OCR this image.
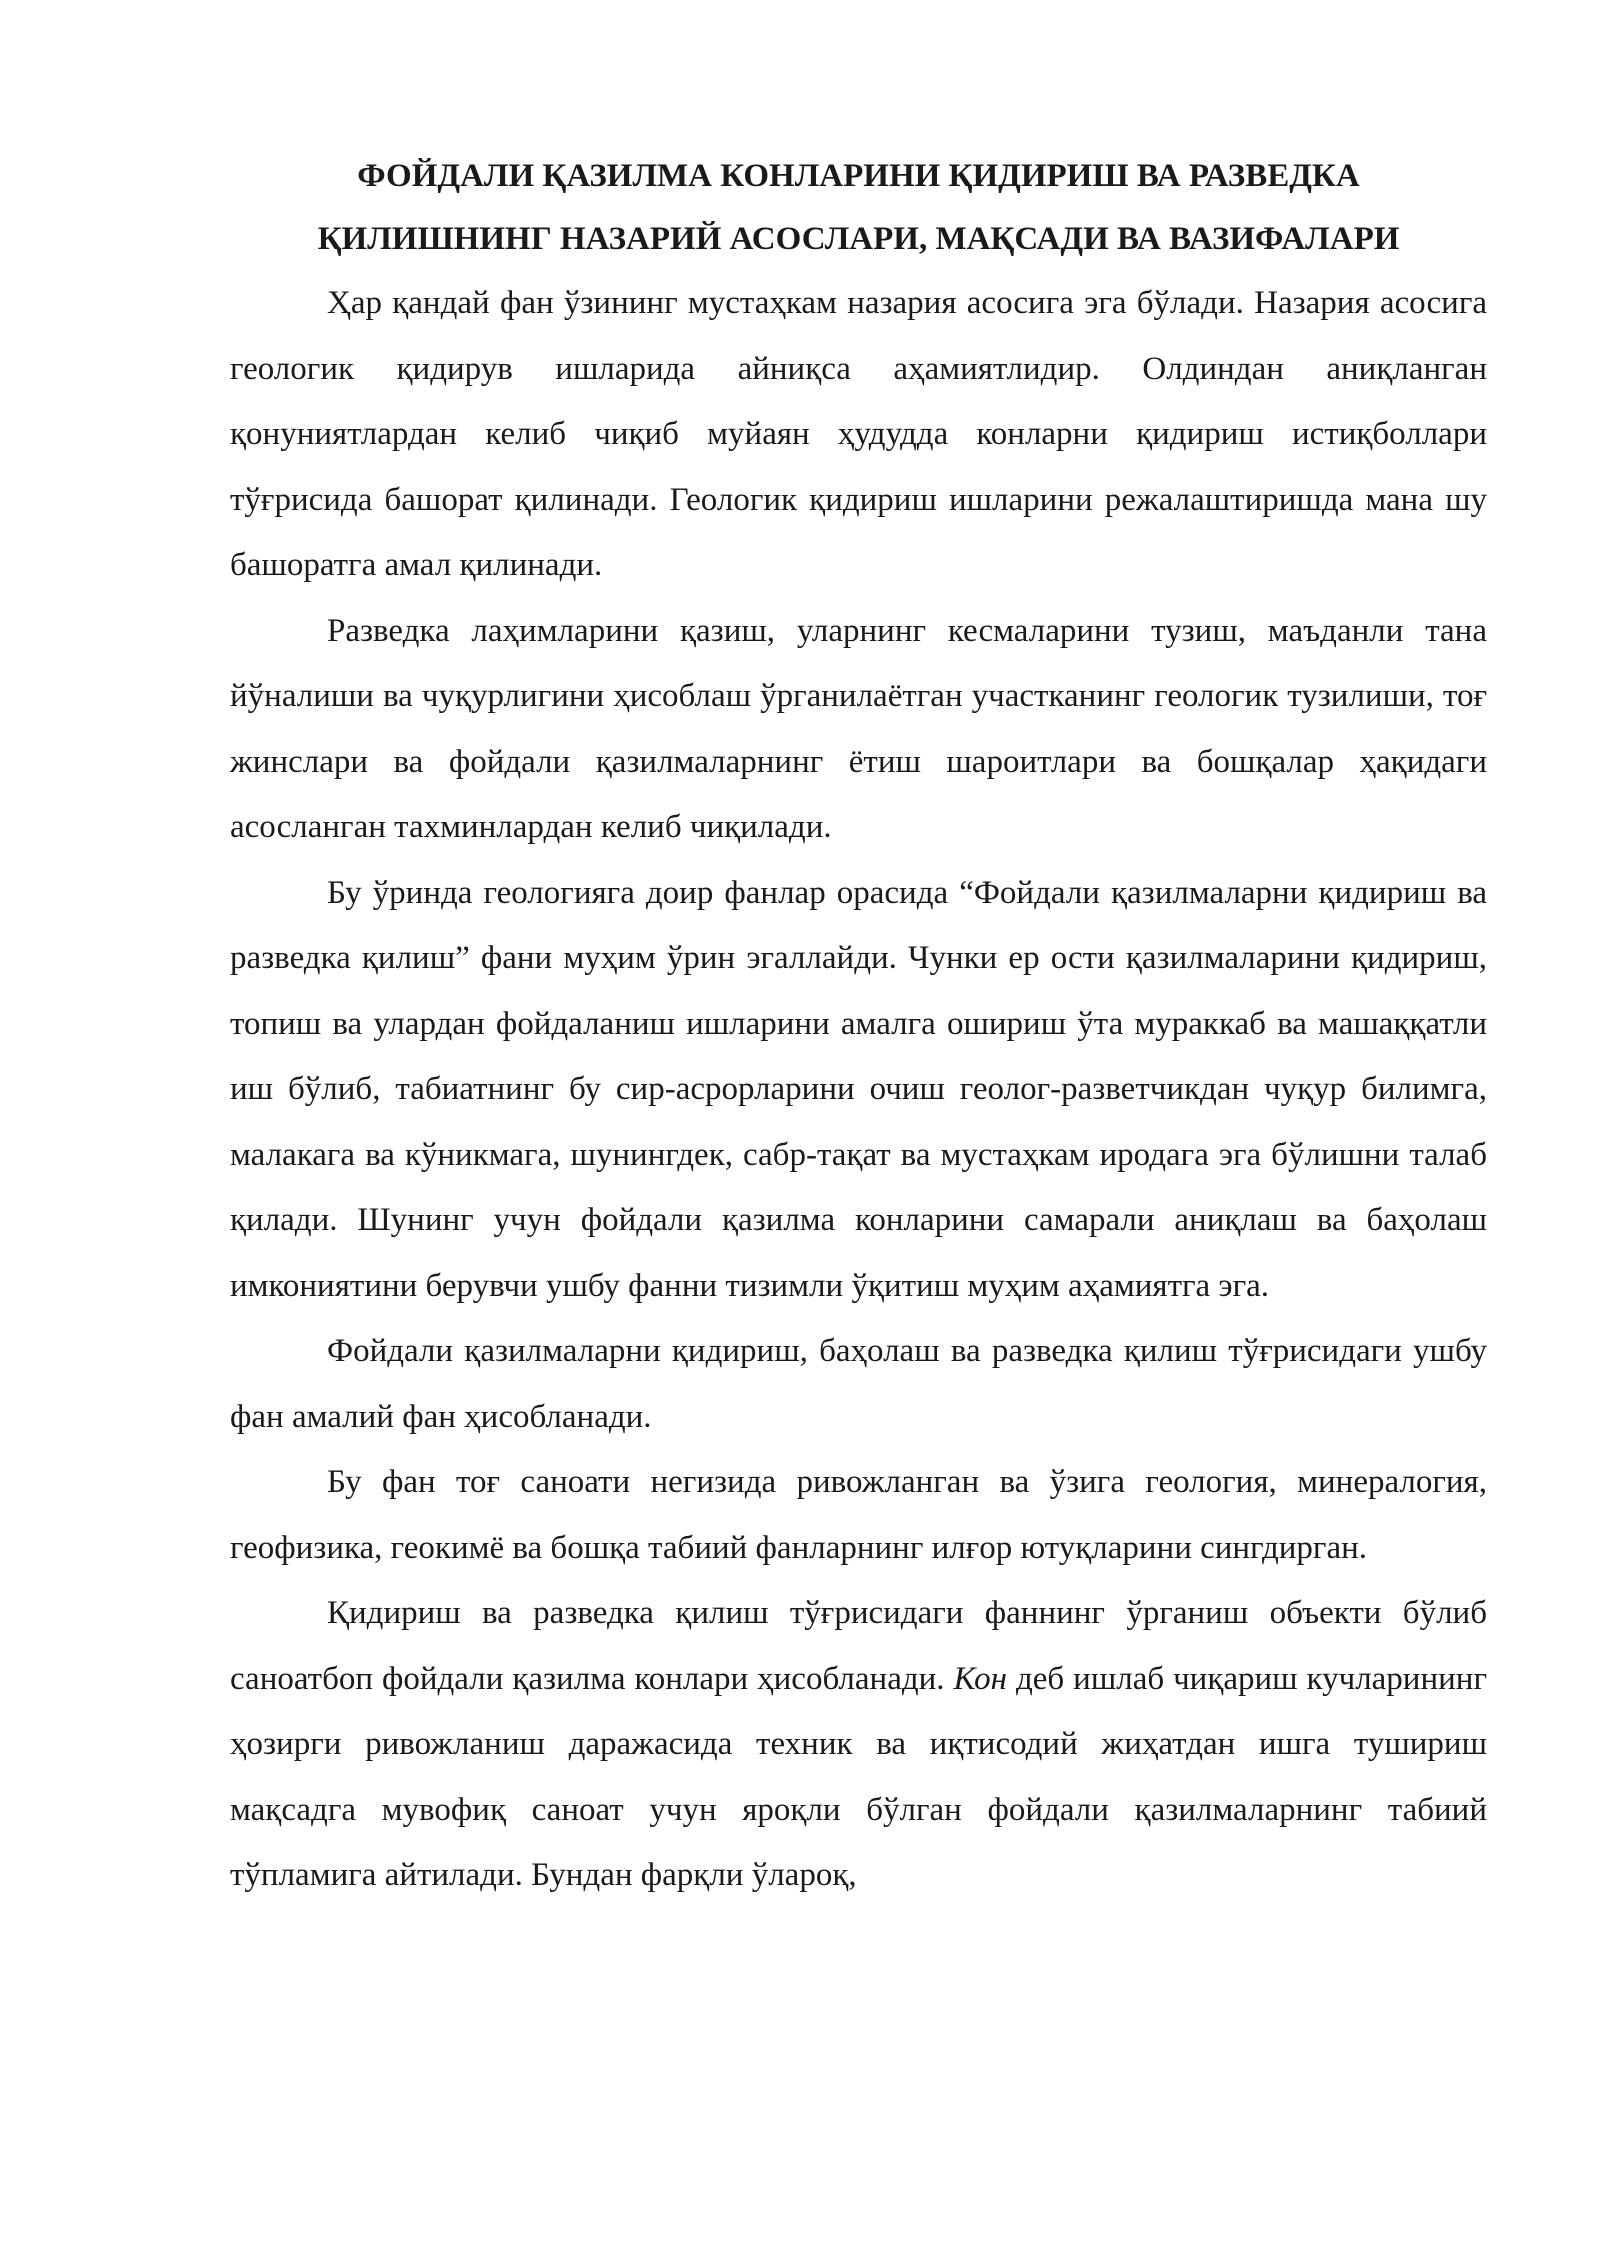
ФОЙДАЛИ ҚАЗИЛМА КОНЛАРИНИ ҚИДИРИШ ВА РАЗВЕДКА
ҚИЛИШНИНГ НАЗАРИЙ АСОСЛАРИ, МАҚСАДИ ВА ВАЗИФАЛАРИ

Ҳар қандай фан ўзининг мустаҳкам назария асосига эга бўлади. Назария асосига геологик қидирув ишларида айниқса аҳамиятлидир. Олдиндан аниқланган қонуниятлардан келиб чиқиб муйаян ҳудудда конларни қидириш истиқболлари тўғрисида башорат қилинади. Геологик қидириш ишларини режалаштиришда мана шу башоратга амал қилинади.

Разведка лаҳимларини қазиш, уларнинг кесмаларини тузиш, маъданли тана йўналиши ва чуқурлигини ҳисоблаш ўрганилаётган участканинг геологик тузилиши, тоғ жинслари ва фойдали қазилмаларнинг ётиш шароитлари ва бошқалар ҳақидаги асосланган тахминлардан келиб чиқилади.

Бу ўринда геологияга доир фанлар орасида “Фойдали қазилмаларни қидириш ва разведка қилиш” фани муҳим ўрин эгаллайди. Чунки ер ости қазилмаларини қидириш, топиш ва улардан фойдаланиш ишларини амалга ошириш ўта мураккаб ва машаққатли иш бўлиб, табиатнинг бу сир-асрорларини очиш геолог-разветчикдан чуқур билимга, малакага ва кўникмага, шунингдек, сабр-тақат ва мустаҳкам иродага эга бўлишни талаб қилади. Шунинг учун фойдали қазилма конларини самарали аниқлаш ва баҳолаш имкониятини берувчи ушбу фанни тизимли ўқитиш муҳим аҳамиятга эга.

Фойдали қазилмаларни қидириш, баҳолаш ва разведка қилиш тўғрисидаги ушбу фан амалий фан ҳисобланади.

Бу фан тоғ саноати негизида ривожланган ва ўзига геология, минералогия, геофизика, геокимё ва бошқа табиий фанларнинг илғор ютуқларини сингдирган.

Қидириш ва разведка қилиш тўғрисидаги фаннинг ўрганиш объекти бўлиб саноатбоп фойдали қазилма конлари ҳисобланади. Кон деб ишлаб чиқариш кучларининг ҳозирги ривожланиш даражасида техник ва иқтисодий жиҳатдан ишга тушириш мақсадга мувофиқ саноат учун яроқли бўлган фойдали қазилмаларнинг табиий тўпламига айтилади. Бундан фарқли ўлароқ,
